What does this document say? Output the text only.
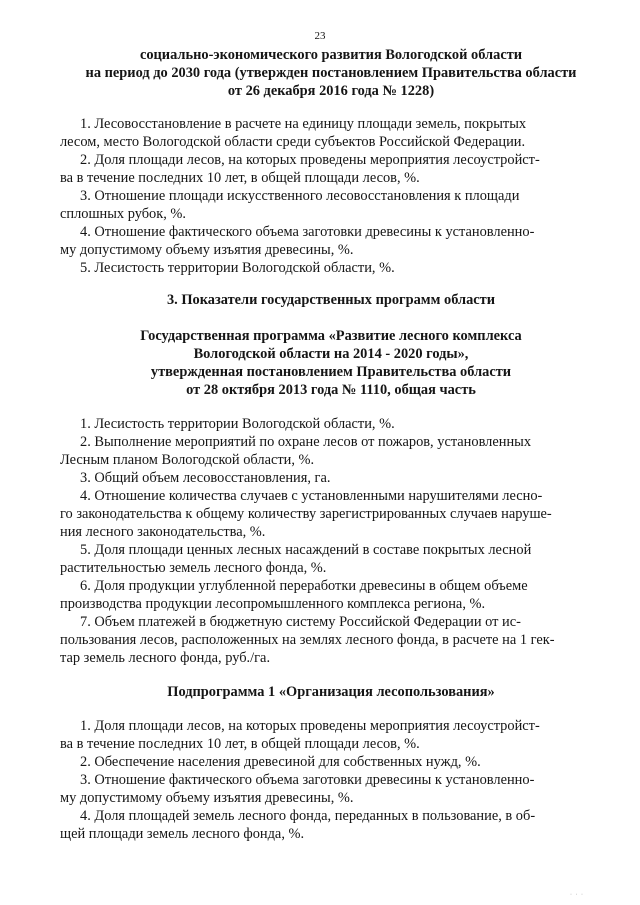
23
социально-экономического развития Вологодской области
на период до 2030 года (утвержден постановлением Правительства области
от 26 декабря 2016 года № 1228)
1. Лесовосстановление в расчете на единицу площади земель, покрытых
лесом, место Вологодской области среди субъектов Российской Федерации.
2. Доля площади лесов, на которых проведены мероприятия лесоустройст-
ва в течение последних 10 лет, в общей площади лесов, %.
3. Отношение площади искусственного лесовосстановления к площади
сплошных рубок, %.
4. Отношение фактического объема заготовки древесины к установленно-
му допустимому объему изъятия древесины, %.
5. Лесистость территории Вологодской области, %.
3. Показатели государственных программ области
Государственная программа «Развитие лесного комплекса
Вологодской области на 2014 - 2020 годы»,
утвержденная постановлением Правительства области
от 28 октября 2013 года № 1110, общая часть
1. Лесистость территории Вологодской области, %.
2. Выполнение мероприятий по охране лесов от пожаров, установленных
Лесным планом Вологодской области, %.
3. Общий объем лесовосстановления, га.
4. Отношение количества случаев с установленными нарушителями лесно-
го законодательства к общему количеству зарегистрированных случаев наруше-
ния лесного законодательства, %.
5. Доля площади ценных лесных насаждений в составе покрытых лесной
растительностью земель лесного фонда, %.
6. Доля продукции углубленной переработки древесины в общем объеме
производства продукции лесопромышленного комплекса региона, %.
7. Объем платежей в бюджетную систему Российской Федерации от ис-
пользования лесов, расположенных на землях лесного фонда, в расчете на 1 гек-
тар земель лесного фонда, руб./га.
Подпрограмма 1 «Организация лесопользования»
1. Доля площади лесов, на которых проведены мероприятия лесоустройст-
ва в течение последних 10 лет, в общей площади лесов, %.
2. Обеспечение населения древесиной для собственных нужд, %.
3. Отношение фактического объема заготовки древесины к установленно-
му допустимому объему изъятия древесины, %.
4. Доля площадей земель лесного фонда, переданных в пользование, в об-
щей площади земель лесного фонда, %.
· · ·
